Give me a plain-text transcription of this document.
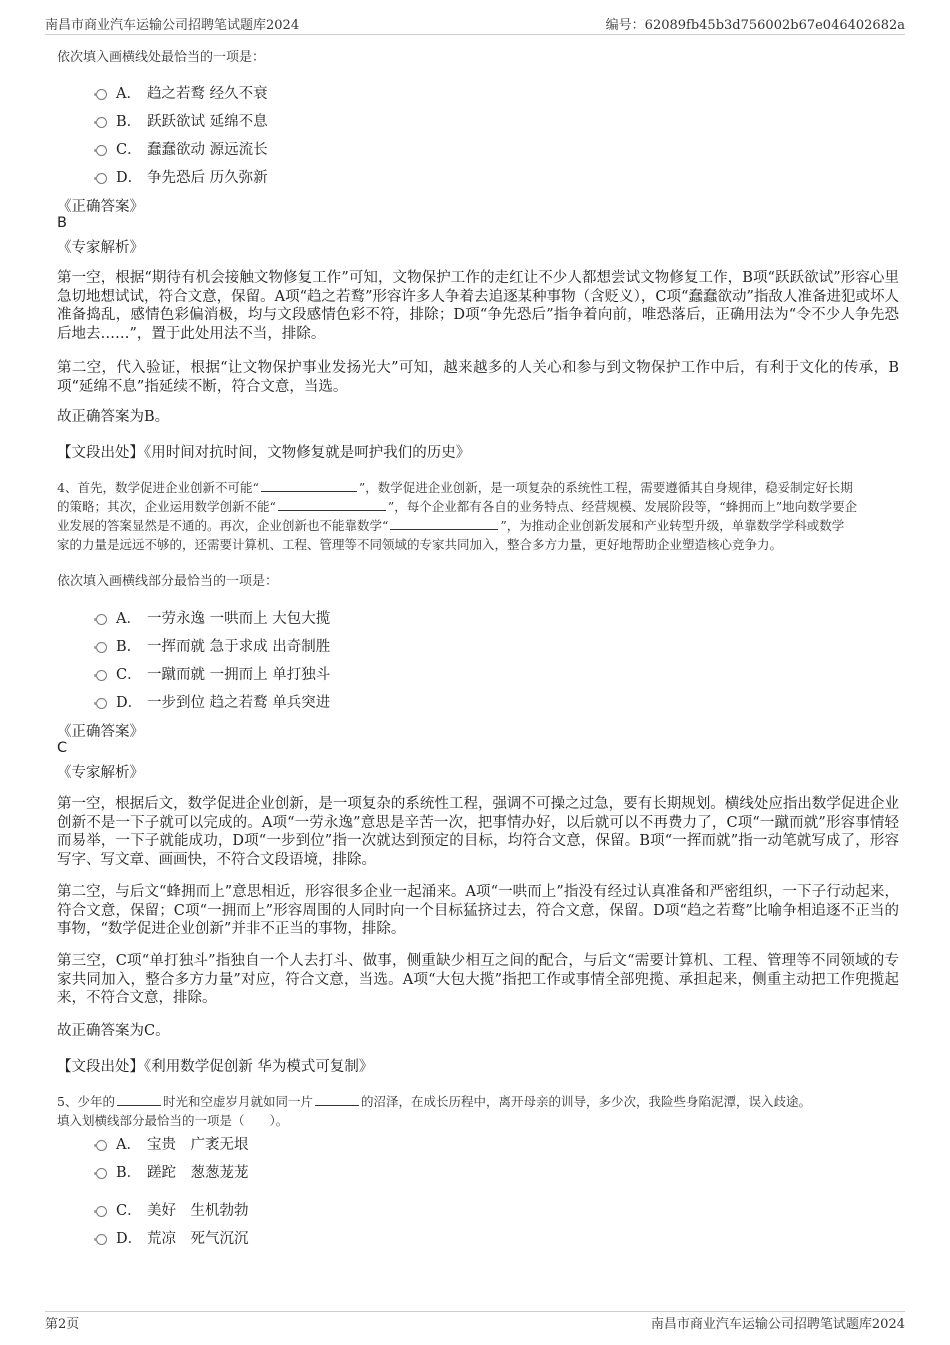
南昌市商业汽车运输公司招聘笔试题库2024	编号：62089fb45b3d756002b67e046402682a
依次填入画横线处最恰当的一项是：
A． 趋之若鹜 经久不衰
B． 跃跃欲试 延绵不息
C． 蠢蠢欲动 源远流长
D． 争先恐后 历久弥新
《正确答案》
B
《专家解析》

第一空，根据“期待有机会接触文物修复工作”可知，文物保护工作的走红让不少人都想尝试文物修复工作，B项“跃跃欲试”形容心里急切地想试试，符合文意，保留。A项“趋之若鹜”形容许多人争着去追逐某种事物（含贬义），C项“蠢蠢欲动”指敌人准备进犯或坏人准备捣乱，感情色彩偏消极，均与文段感情色彩不符，排除；D项“争先恐后”指争着向前，唯恐落后，正确用法为“令不少人争先恐后地去……”，置于此处用法不当，排除。

第二空，代入验证，根据“让文物保护事业发扬光大”可知，越来越多的人关心和参与到文物保护工作中后，有利于文化的传承，B项“延绵不息”指延续不断，符合文意，当选。

故正确答案为B。

【文段出处】《用时间对抗时间，文物修复就是呵护我们的历史》

4、首先，数学促进企业创新不可能“	”，数学促进企业创新，是一项复杂的系统性工程，需要遵循其自身规律，稳妥制定好长期
的策略；其次，企业运用数学创新不能“	”，每个企业都有各自的业务特点、经营规模、发展阶段等，“蜂拥而上”地向数学要企
业发展的答案显然是不通的。再次，企业创新也不能靠数学“	”，为推动企业创新发展和产业转型升级，单靠数学学科或数学
家的力量是远远不够的，还需要计算机、工程、管理等不同领域的专家共同加入，整合多方力量，更好地帮助企业塑造核心竞争力。
依次填入画横线部分最恰当的一项是：
A． 一劳永逸 一哄而上 大包大揽
B． 一挥而就 急于求成 出奇制胜
C． 一蹴而就 一拥而上 单打独斗
D． 一步到位 趋之若鹜 单兵突进
《正确答案》
C
《专家解析》

第一空，根据后文，数学促进企业创新，是一项复杂的系统性工程，强调不可操之过急，要有长期规划。横线处应指出数学促进企业创新不是一下子就可以完成的。A项“一劳永逸”意思是辛苦一次，把事情办好，以后就可以不再费力了，C项“一蹴而就”形容事情轻而易举，一下子就能成功，D项“一步到位”指一次就达到预定的目标，均符合文意，保留。B项“一挥而就”指一动笔就写成了，形容写字、写文章、画画快，不符合文段语境，排除。

第二空，与后文“蜂拥而上”意思相近，形容很多企业一起涌来。A项“一哄而上”指没有经过认真准备和严密组织，一下子行动起来，符合文意，保留；C项“一拥而上”形容周围的人同时向一个目标猛挤过去，符合文意，保留。D项“趋之若鹜”比喻争相追逐不正当的事物，“数学促进企业创新”并非不正当的事物，排除。

第三空，C项“单打独斗”指独自一个人去打斗、做事，侧重缺少相互之间的配合，与后文“需要计算机、工程、管理等不同领域的专家共同加入，整合多方力量”对应，符合文意，当选。A项“大包大揽”指把工作或事情全部兜揽、承担起来，侧重主动把工作兜揽起来，不符合文意，排除。

故正确答案为C。

【文段出处】《利用数学促创新 华为模式可复制》

5、少年的	时光和空虚岁月就如同一片	的沼泽，在成长历程中，离开母亲的训导，多少次，我险些身陷泥潭，误入歧途。
填入划横线部分最恰当的一项是（　　）。
A． 宝贵　广袤无垠
B． 蹉跎　葱葱茏茏
C． 美好　生机勃勃
D． 荒凉　死气沉沉
第2页	南昌市商业汽车运输公司招聘笔试题库2024
